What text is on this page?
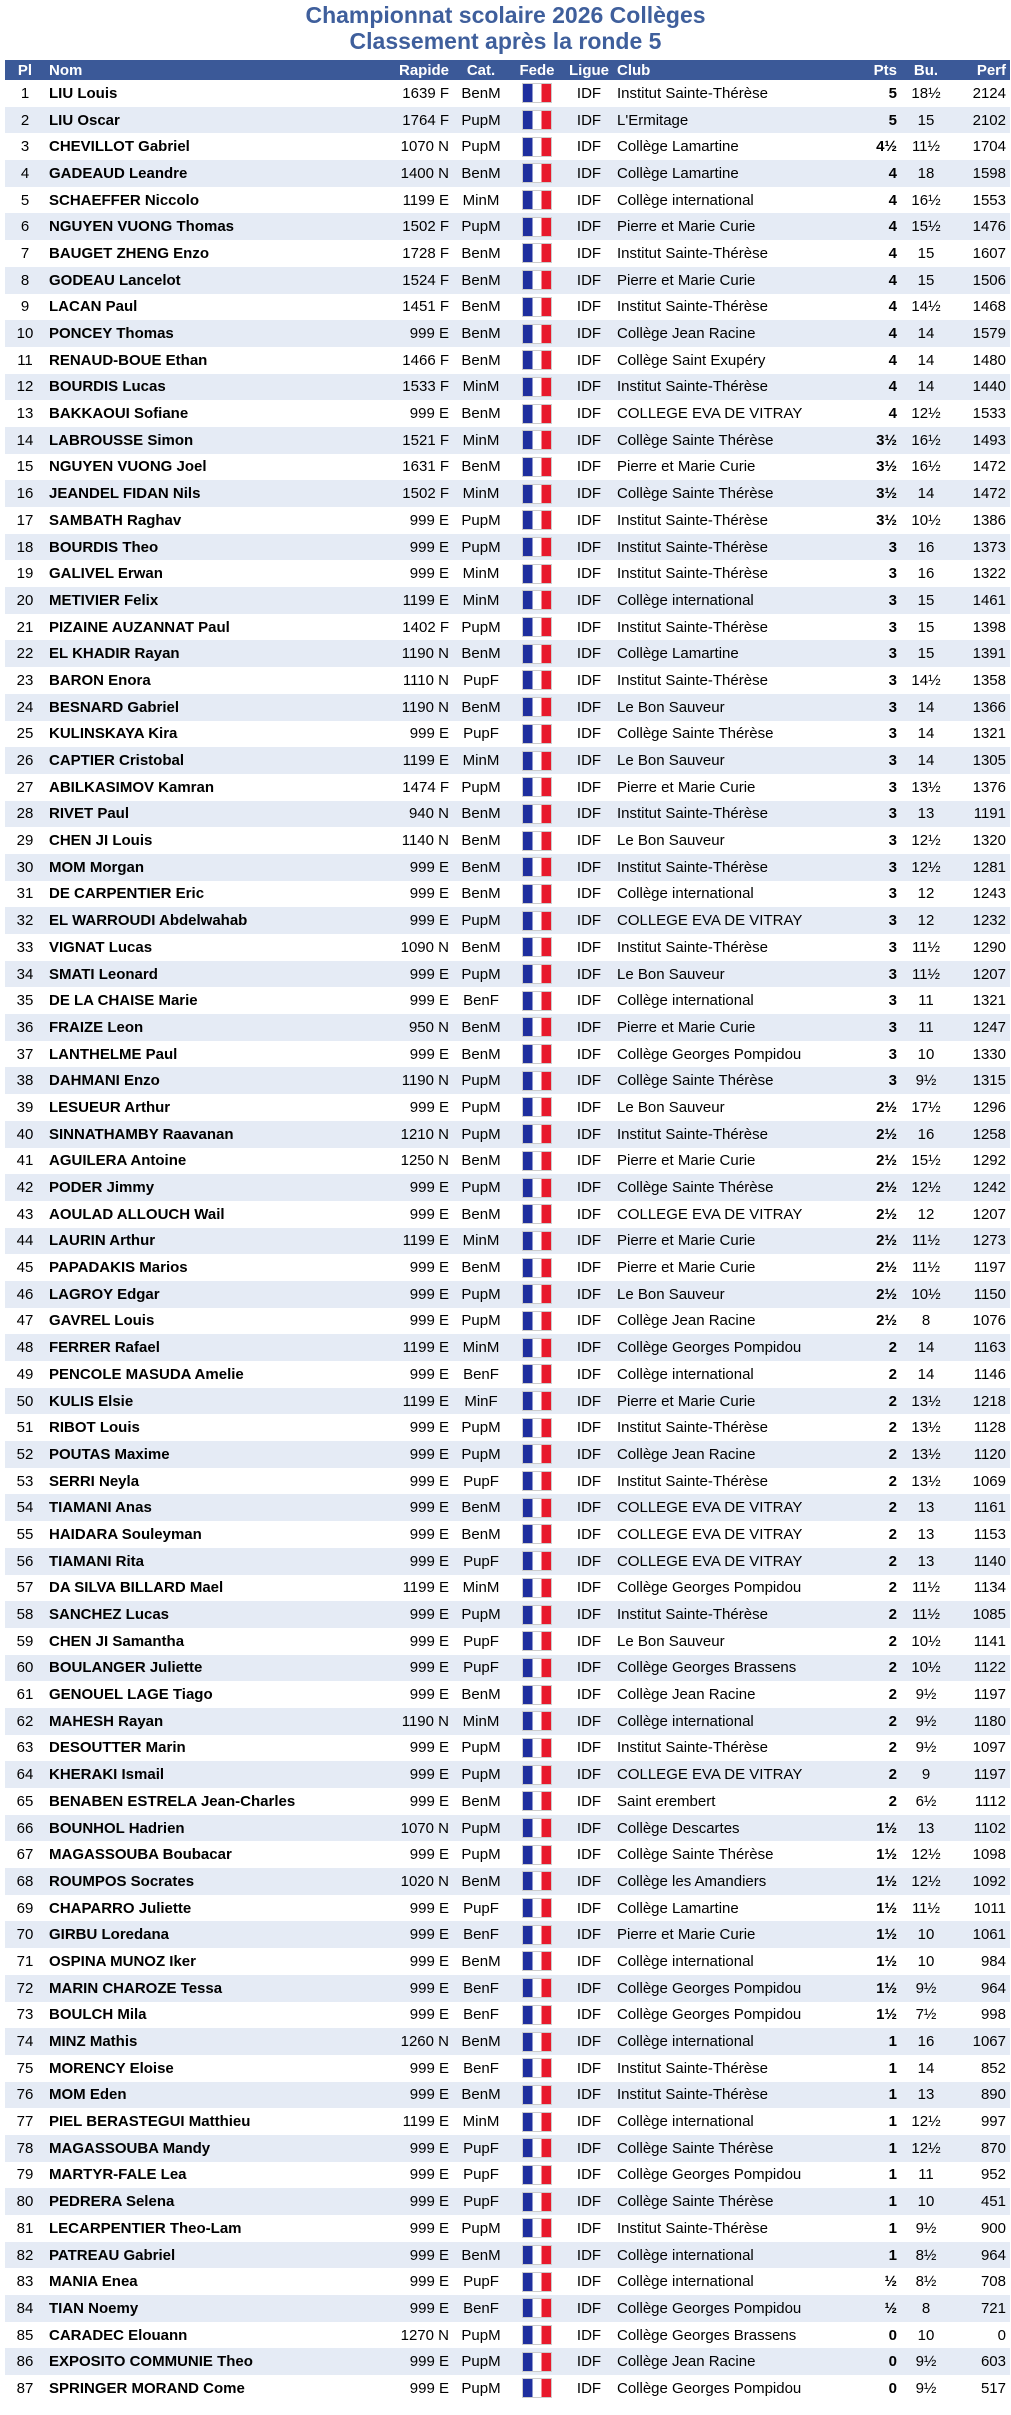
Championnat scolaire 2026 Collèges
Classement après la ronde 5
Pl	Nom	Rapide	Cat.	Fede	Ligue	Club	Pts	Bu.	Perf
1	LIU Louis	1639 F	BenM		IDF	Institut Sainte-Thérèse	5	18½	2124
2	LIU Oscar	1764 F	PupM		IDF	L'Ermitage	5	15	2102
3	CHEVILLOT Gabriel	1070 N	PupM		IDF	Collège Lamartine	4½	11½	1704
4	GADEAUD Leandre	1400 N	BenM		IDF	Collège Lamartine	4	18	1598
5	SCHAEFFER Niccolo	1199 E	MinM		IDF	Collège international	4	16½	1553
6	NGUYEN VUONG Thomas	1502 F	PupM		IDF	Pierre et Marie Curie	4	15½	1476
7	BAUGET ZHENG Enzo	1728 F	BenM		IDF	Institut Sainte-Thérèse	4	15	1607
8	GODEAU Lancelot	1524 F	BenM		IDF	Pierre et Marie Curie	4	15	1506
9	LACAN Paul	1451 F	BenM		IDF	Institut Sainte-Thérèse	4	14½	1468
10	PONCEY Thomas	999 E	BenM		IDF	Collège Jean Racine	4	14	1579
11	RENAUD-BOUE Ethan	1466 F	BenM		IDF	Collège Saint Exupéry	4	14	1480
12	BOURDIS Lucas	1533 F	MinM		IDF	Institut Sainte-Thérèse	4	14	1440
13	BAKKAOUI Sofiane	999 E	BenM		IDF	COLLEGE EVA DE VITRAY	4	12½	1533
14	LABROUSSE Simon	1521 F	MinM		IDF	Collège Sainte Thérèse	3½	16½	1493
15	NGUYEN VUONG Joel	1631 F	BenM		IDF	Pierre et Marie Curie	3½	16½	1472
16	JEANDEL FIDAN Nils	1502 F	MinM		IDF	Collège Sainte Thérèse	3½	14	1472
17	SAMBATH Raghav	999 E	PupM		IDF	Institut Sainte-Thérèse	3½	10½	1386
18	BOURDIS Theo	999 E	PupM		IDF	Institut Sainte-Thérèse	3	16	1373
19	GALIVEL Erwan	999 E	MinM		IDF	Institut Sainte-Thérèse	3	16	1322
20	METIVIER Felix	1199 E	MinM		IDF	Collège international	3	15	1461
21	PIZAINE AUZANNAT Paul	1402 F	PupM		IDF	Institut Sainte-Thérèse	3	15	1398
22	EL KHADIR Rayan	1190 N	BenM		IDF	Collège Lamartine	3	15	1391
23	BARON Enora	1110 N	PupF		IDF	Institut Sainte-Thérèse	3	14½	1358
24	BESNARD Gabriel	1190 N	BenM		IDF	Le Bon Sauveur	3	14	1366
25	KULINSKAYA Kira	999 E	PupF		IDF	Collège Sainte Thérèse	3	14	1321
26	CAPTIER Cristobal	1199 E	MinM		IDF	Le Bon Sauveur	3	14	1305
27	ABILKASIMOV Kamran	1474 F	PupM		IDF	Pierre et Marie Curie	3	13½	1376
28	RIVET Paul	940 N	BenM		IDF	Institut Sainte-Thérèse	3	13	1191
29	CHEN JI Louis	1140 N	BenM		IDF	Le Bon Sauveur	3	12½	1320
30	MOM Morgan	999 E	BenM		IDF	Institut Sainte-Thérèse	3	12½	1281
31	DE CARPENTIER Eric	999 E	BenM		IDF	Collège international	3	12	1243
32	EL WARROUDI Abdelwahab	999 E	PupM		IDF	COLLEGE EVA DE VITRAY	3	12	1232
33	VIGNAT Lucas	1090 N	BenM		IDF	Institut Sainte-Thérèse	3	11½	1290
34	SMATI Leonard	999 E	PupM		IDF	Le Bon Sauveur	3	11½	1207
35	DE LA CHAISE Marie	999 E	BenF		IDF	Collège international	3	11	1321
36	FRAIZE Leon	950 N	BenM		IDF	Pierre et Marie Curie	3	11	1247
37	LANTHELME Paul	999 E	BenM		IDF	Collège Georges Pompidou	3	10	1330
38	DAHMANI Enzo	1190 N	PupM		IDF	Collège Sainte Thérèse	3	9½	1315
39	LESUEUR Arthur	999 E	PupM		IDF	Le Bon Sauveur	2½	17½	1296
40	SINNATHAMBY Raavanan	1210 N	PupM		IDF	Institut Sainte-Thérèse	2½	16	1258
41	AGUILERA Antoine	1250 N	BenM		IDF	Pierre et Marie Curie	2½	15½	1292
42	PODER Jimmy	999 E	PupM		IDF	Collège Sainte Thérèse	2½	12½	1242
43	AOULAD ALLOUCH Wail	999 E	BenM		IDF	COLLEGE EVA DE VITRAY	2½	12	1207
44	LAURIN Arthur	1199 E	MinM		IDF	Pierre et Marie Curie	2½	11½	1273
45	PAPADAKIS Marios	999 E	BenM		IDF	Pierre et Marie Curie	2½	11½	1197
46	LAGROY Edgar	999 E	PupM		IDF	Le Bon Sauveur	2½	10½	1150
47	GAVREL Louis	999 E	PupM		IDF	Collège Jean Racine	2½	8	1076
48	FERRER Rafael	1199 E	MinM		IDF	Collège Georges Pompidou	2	14	1163
49	PENCOLE MASUDA Amelie	999 E	BenF		IDF	Collège international	2	14	1146
50	KULIS Elsie	1199 E	MinF		IDF	Pierre et Marie Curie	2	13½	1218
51	RIBOT Louis	999 E	PupM		IDF	Institut Sainte-Thérèse	2	13½	1128
52	POUTAS Maxime	999 E	PupM		IDF	Collège Jean Racine	2	13½	1120
53	SERRI Neyla	999 E	PupF		IDF	Institut Sainte-Thérèse	2	13½	1069
54	TIAMANI Anas	999 E	BenM		IDF	COLLEGE EVA DE VITRAY	2	13	1161
55	HAIDARA Souleyman	999 E	BenM		IDF	COLLEGE EVA DE VITRAY	2	13	1153
56	TIAMANI Rita	999 E	PupF		IDF	COLLEGE EVA DE VITRAY	2	13	1140
57	DA SILVA BILLARD Mael	1199 E	MinM		IDF	Collège Georges Pompidou	2	11½	1134
58	SANCHEZ Lucas	999 E	PupM		IDF	Institut Sainte-Thérèse	2	11½	1085
59	CHEN JI Samantha	999 E	PupF		IDF	Le Bon Sauveur	2	10½	1141
60	BOULANGER Juliette	999 E	PupF		IDF	Collège Georges Brassens	2	10½	1122
61	GENOUEL LAGE Tiago	999 E	BenM		IDF	Collège Jean Racine	2	9½	1197
62	MAHESH Rayan	1190 N	MinM		IDF	Collège international	2	9½	1180
63	DESOUTTER Marin	999 E	PupM		IDF	Institut Sainte-Thérèse	2	9½	1097
64	KHERAKI Ismail	999 E	PupM		IDF	COLLEGE EVA DE VITRAY	2	9	1197
65	BENABEN ESTRELA Jean-Charles	999 E	BenM		IDF	Saint erembert	2	6½	1112
66	BOUNHOL Hadrien	1070 N	PupM		IDF	Collège Descartes	1½	13	1102
67	MAGASSOUBA Boubacar	999 E	PupM		IDF	Collège Sainte Thérèse	1½	12½	1098
68	ROUMPOS Socrates	1020 N	BenM		IDF	Collège les Amandiers	1½	12½	1092
69	CHAPARRO Juliette	999 E	PupF		IDF	Collège Lamartine	1½	11½	1011
70	GIRBU Loredana	999 E	BenF		IDF	Pierre et Marie Curie	1½	10	1061
71	OSPINA MUNOZ Iker	999 E	BenM		IDF	Collège international	1½	10	984
72	MARIN CHAROZE Tessa	999 E	BenF		IDF	Collège Georges Pompidou	1½	9½	964
73	BOULCH Mila	999 E	BenF		IDF	Collège Georges Pompidou	1½	7½	998
74	MINZ Mathis	1260 N	BenM		IDF	Collège international	1	16	1067
75	MORENCY Eloise	999 E	BenF		IDF	Institut Sainte-Thérèse	1	14	852
76	MOM Eden	999 E	BenM		IDF	Institut Sainte-Thérèse	1	13	890
77	PIEL BERASTEGUI Matthieu	1199 E	MinM		IDF	Collège international	1	12½	997
78	MAGASSOUBA Mandy	999 E	PupF		IDF	Collège Sainte Thérèse	1	12½	870
79	MARTYR-FALE Lea	999 E	PupF		IDF	Collège Georges Pompidou	1	11	952
80	PEDRERA Selena	999 E	PupF		IDF	Collège Sainte Thérèse	1	10	451
81	LECARPENTIER Theo-Lam	999 E	PupM		IDF	Institut Sainte-Thérèse	1	9½	900
82	PATREAU Gabriel	999 E	BenM		IDF	Collège international	1	8½	964
83	MANIA Enea	999 E	PupF		IDF	Collège international	½	8½	708
84	TIAN Noemy	999 E	BenF		IDF	Collège Georges Pompidou	½	8	721
85	CARADEC Elouann	1270 N	PupM		IDF	Collège Georges Brassens	0	10	0
86	EXPOSITO COMMUNIE Theo	999 E	PupM		IDF	Collège Jean Racine	0	9½	603
87	SPRINGER MORAND Come	999 E	PupM		IDF	Collège Georges Pompidou	0	9½	517
